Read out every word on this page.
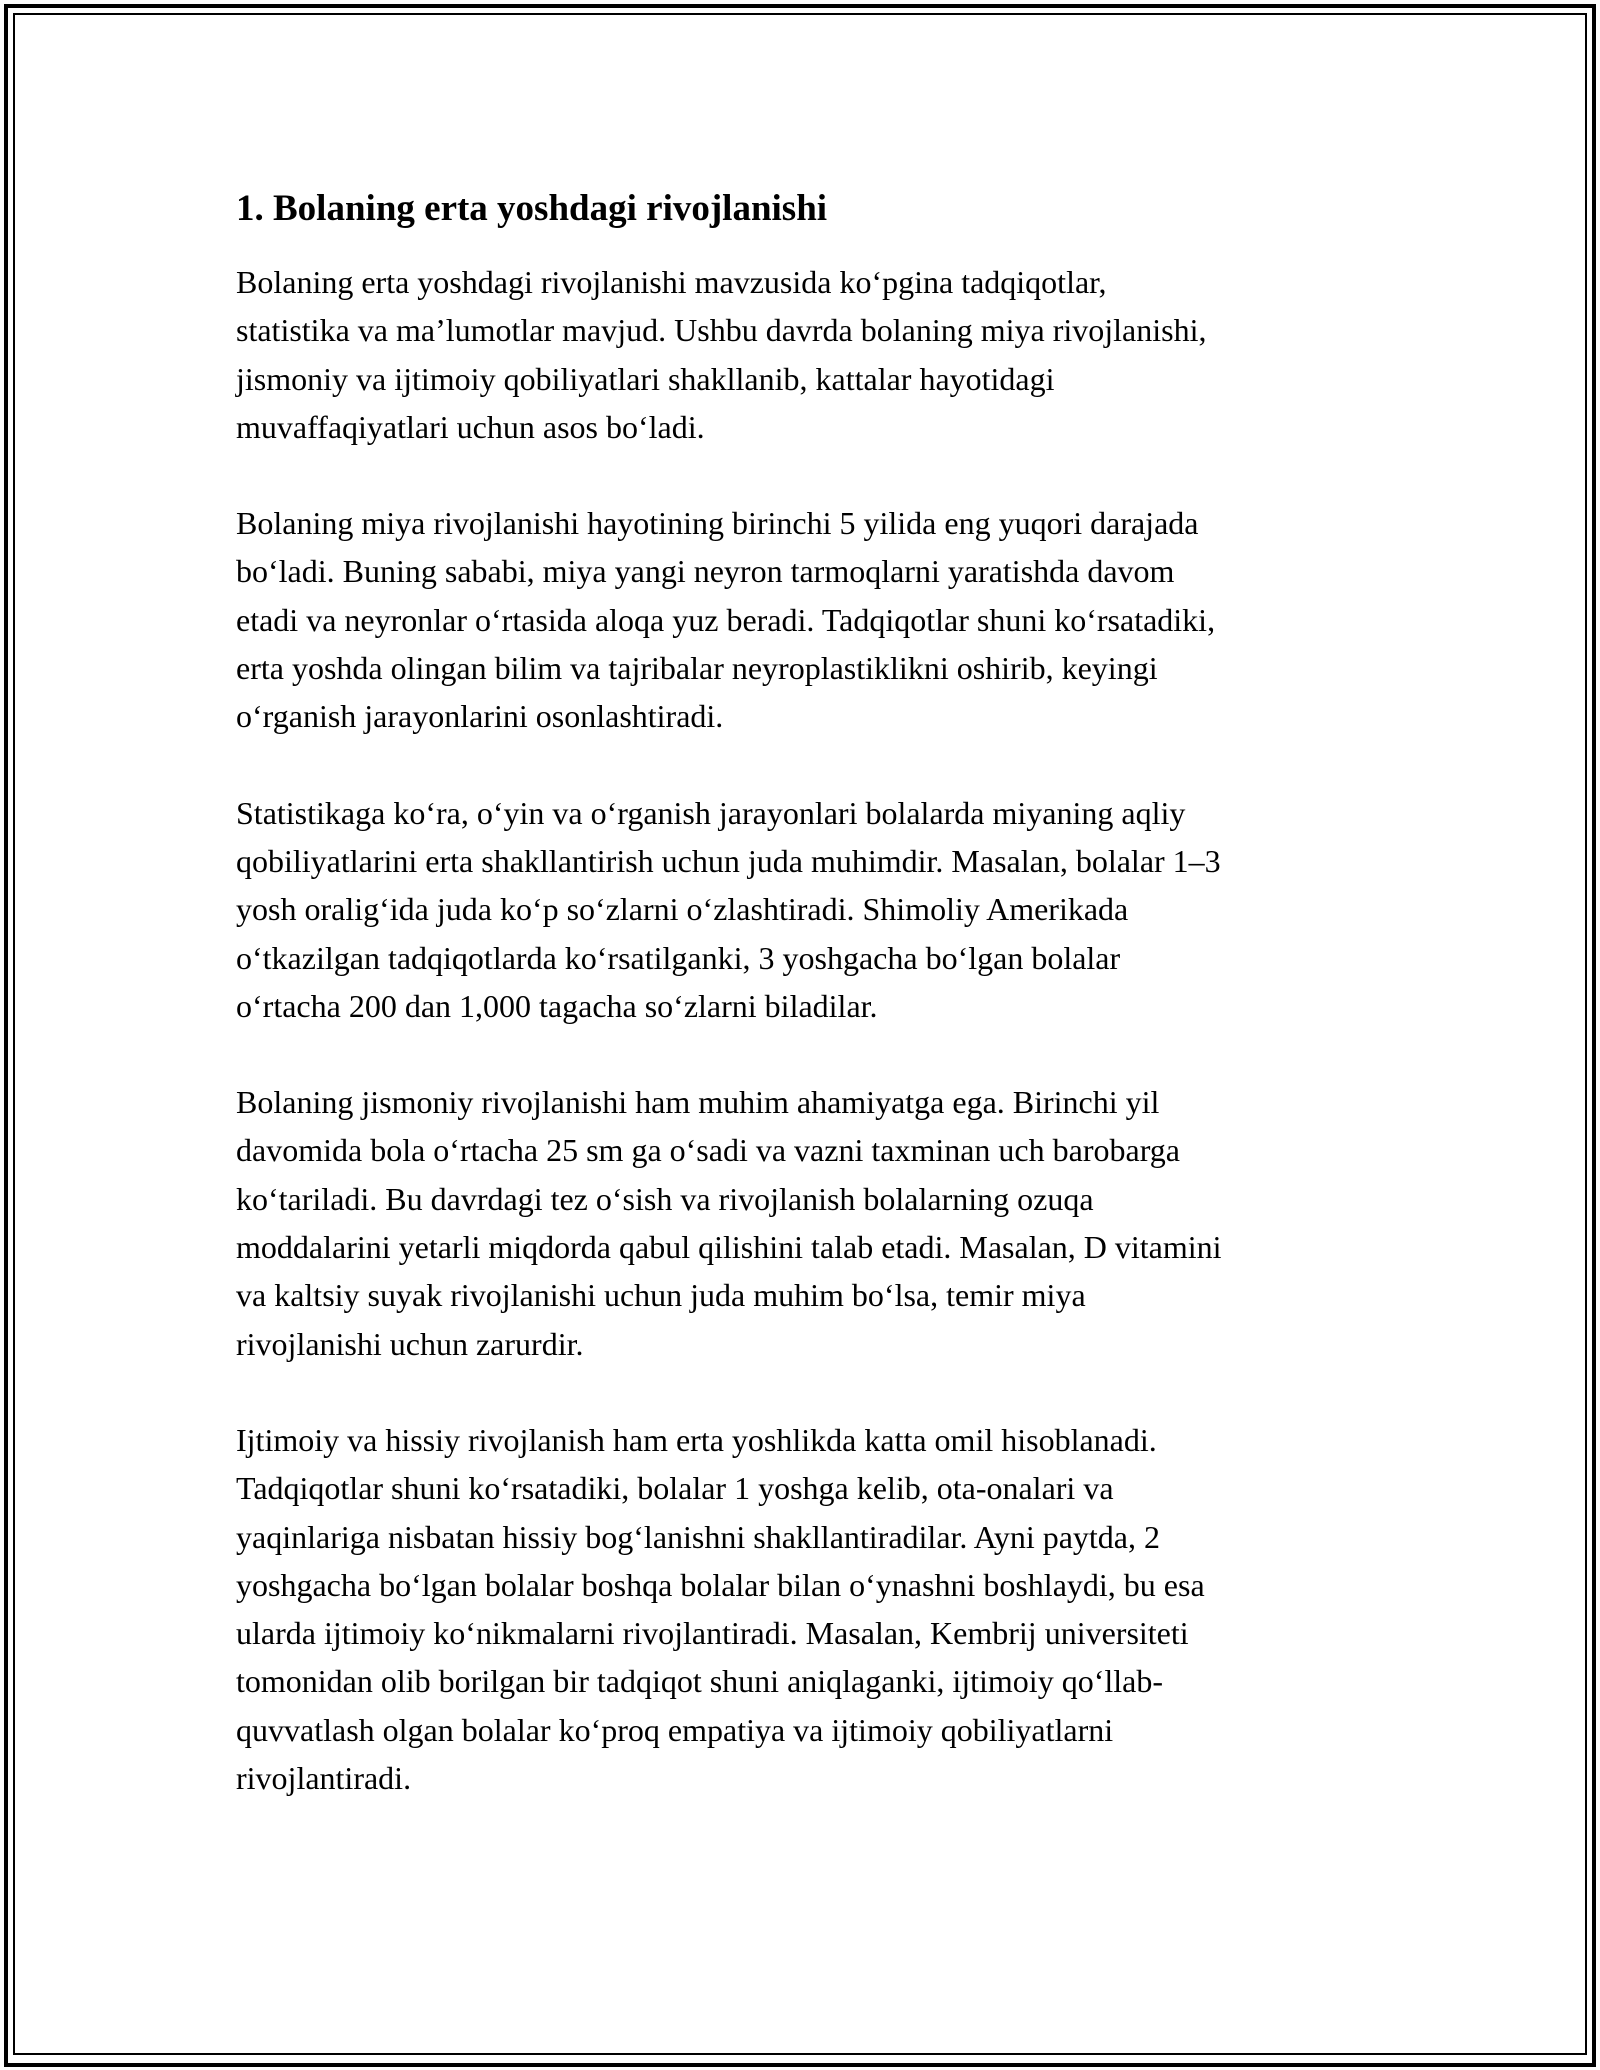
1. Bolaning erta yoshdagi rivojlanishi
Bolaning erta yoshdagi rivojlanishi mavzusida ko‘pgina tadqiqotlar,
statistika va ma’lumotlar mavjud. Ushbu davrda bolaning miya rivojlanishi,
jismoniy va ijtimoiy qobiliyatlari shakllanib, kattalar hayotidagi
muvaffaqiyatlari uchun asos bo‘ladi.
Bolaning miya rivojlanishi hayotining birinchi 5 yilida eng yuqori darajada
bo‘ladi. Buning sababi, miya yangi neyron tarmoqlarni yaratishda davom
etadi va neyronlar o‘rtasida aloqa yuz beradi. Tadqiqotlar shuni ko‘rsatadiki,
erta yoshda olingan bilim va tajribalar neyroplastiklikni oshirib, keyingi
o‘rganish jarayonlarini osonlashtiradi.
Statistikaga ko‘ra, o‘yin va o‘rganish jarayonlari bolalarda miyaning aqliy
qobiliyatlarini erta shakllantirish uchun juda muhimdir. Masalan, bolalar 1–3
yosh oralig‘ida juda ko‘p so‘zlarni o‘zlashtiradi. Shimoliy Amerikada
o‘tkazilgan tadqiqotlarda ko‘rsatilganki, 3 yoshgacha bo‘lgan bolalar
o‘rtacha 200 dan 1,000 tagacha so‘zlarni biladilar.
Bolaning jismoniy rivojlanishi ham muhim ahamiyatga ega. Birinchi yil
davomida bola o‘rtacha 25 sm ga o‘sadi va vazni taxminan uch barobarga
ko‘tariladi. Bu davrdagi tez o‘sish va rivojlanish bolalarning ozuqa
moddalarini yetarli miqdorda qabul qilishini talab etadi. Masalan, D vitamini
va kaltsiy suyak rivojlanishi uchun juda muhim bo‘lsa, temir miya
rivojlanishi uchun zarurdir.
Ijtimoiy va hissiy rivojlanish ham erta yoshlikda katta omil hisoblanadi.
Tadqiqotlar shuni ko‘rsatadiki, bolalar 1 yoshga kelib, ota-onalari va
yaqinlariga nisbatan hissiy bog‘lanishni shakllantiradilar. Ayni paytda, 2
yoshgacha bo‘lgan bolalar boshqa bolalar bilan o‘ynashni boshlaydi, bu esa
ularda ijtimoiy ko‘nikmalarni rivojlantiradi. Masalan, Kembrij universiteti
tomonidan olib borilgan bir tadqiqot shuni aniqlaganki, ijtimoiy qo‘llab-
quvvatlash olgan bolalar ko‘proq empatiya va ijtimoiy qobiliyatlarni
rivojlantiradi.
